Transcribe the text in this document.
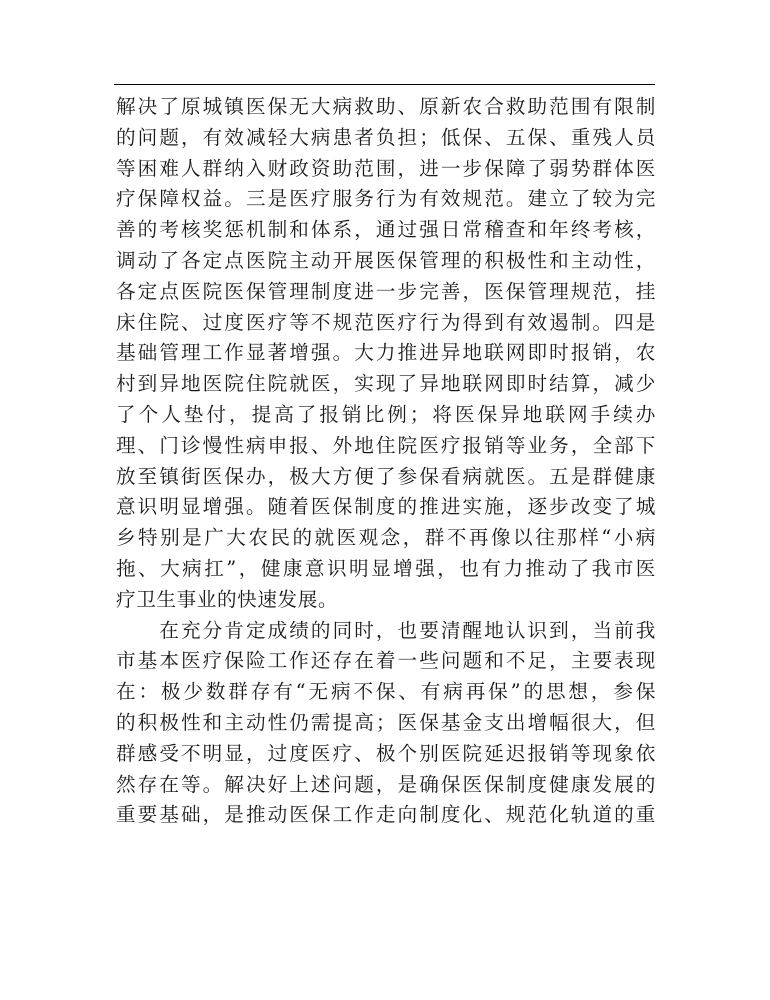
解决了原城镇医保无大病救助、原新农合救助范围有限制
的问题，有效减轻大病患者负担；低保、五保、重残人员
等困难人群纳入财政资助范围，进一步保障了弱势群体医
疗保障权益。三是医疗服务行为有效规范。建立了较为完
善的考核奖惩机制和体系，通过强日常稽查和年终考核，
调动了各定点医院主动开展医保管理的积极性和主动性，
各定点医院医保管理制度进一步完善，医保管理规范，挂
床住院、过度医疗等不规范医疗行为得到有效遏制。四是
基础管理工作显著增强。大力推进异地联网即时报销，农
村到异地医院住院就医，实现了异地联网即时结算，减少
了个人垫付，提高了报销比例；将医保异地联网手续办
理、门诊慢性病申报、外地住院医疗报销等业务，全部下
放至镇街医保办，极大方便了参保看病就医。五是群健康
意识明显增强。随着医保制度的推进实施，逐步改变了城
乡特别是广大农民的就医观念，群不再像以往那样“小病
拖、大病扛”，健康意识明显增强，也有力推动了我市医
疗卫生事业的快速发展。
　　在充分肯定成绩的同时，也要清醒地认识到，当前我
市基本医疗保险工作还存在着一些问题和不足，主要表现
在：极少数群存有“无病不保、有病再保”的思想，参保
的积极性和主动性仍需提高；医保基金支出增幅很大，但
群感受不明显，过度医疗、极个别医院延迟报销等现象依
然存在等。解决好上述问题，是确保医保制度健康发展的
重要基础，是推动医保工作走向制度化、规范化轨道的重
